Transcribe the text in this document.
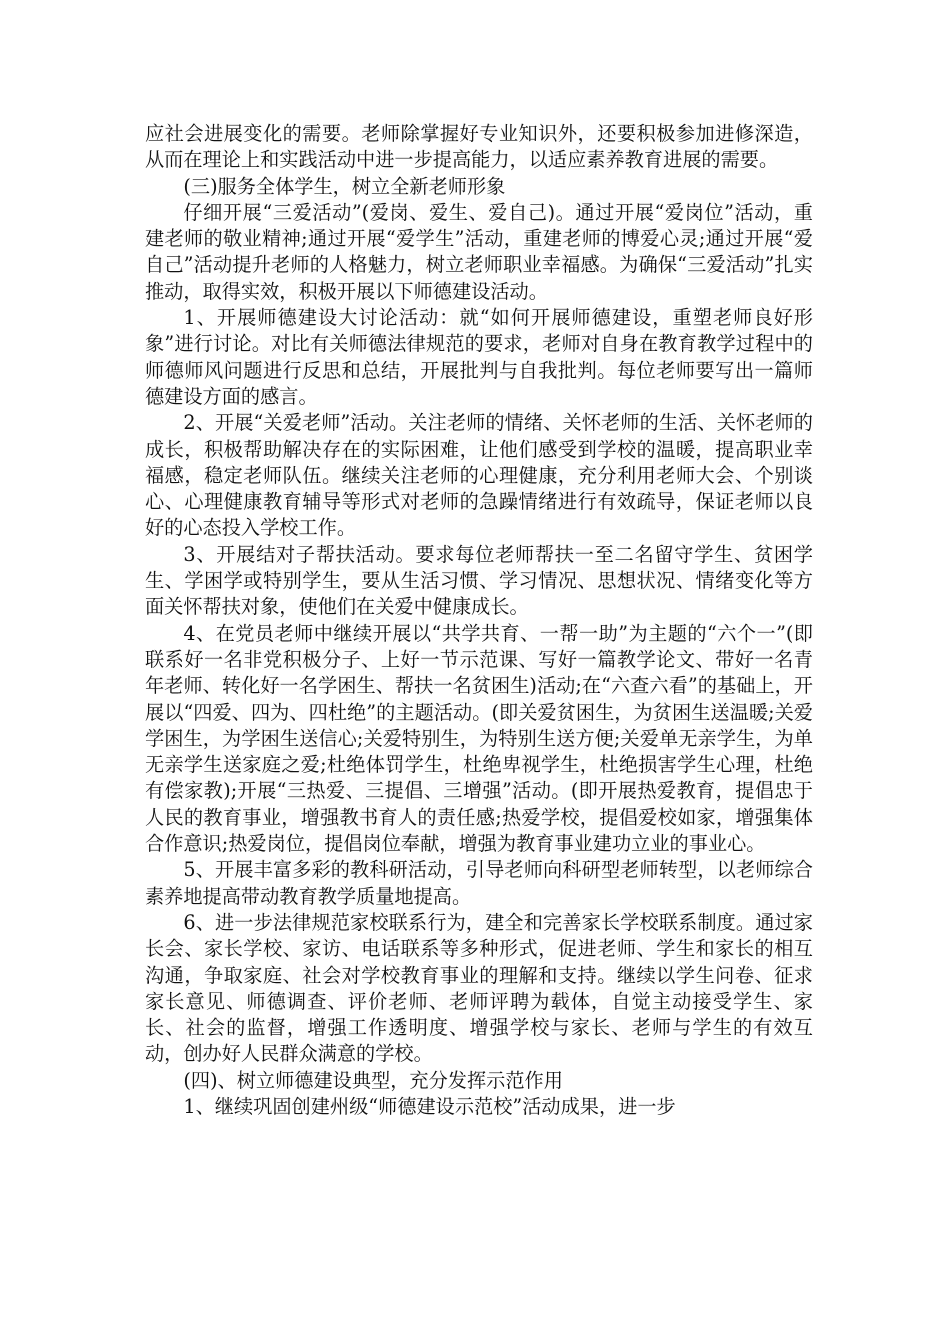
应社会进展变化的需要。老师除掌握好专业知识外，还要积极参加进修深造，从而在理论上和实践活动中进一步提高能力，以适应素养教育进展的需要。

(三)服务全体学生，树立全新老师形象

仔细开展“三爱活动”(爱岗、爱生、爱自己)。通过开展“爱岗位”活动，重建老师的敬业精神;通过开展“爱学生”活动，重建老师的博爱心灵;通过开展“爱自己”活动提升老师的人格魅力，树立老师职业幸福感。为确保“三爱活动”扎实推动，取得实效，积极开展以下师德建设活动。

1、开展师德建设大讨论活动：就“如何开展师德建设，重塑老师良好形象”进行讨论。对比有关师德法律规范的要求，老师对自身在教育教学过程中的师德师风问题进行反思和总结，开展批判与自我批判。每位老师要写出一篇师德建设方面的感言。

2、开展“关爱老师”活动。关注老师的情绪、关怀老师的生活、关怀老师的成长，积极帮助解决存在的实际困难，让他们感受到学校的温暖，提高职业幸福感，稳定老师队伍。继续关注老师的心理健康，充分利用老师大会、个别谈心、心理健康教育辅导等形式对老师的急躁情绪进行有效疏导，保证老师以良好的心态投入学校工作。

3、开展结对子帮扶活动。要求每位老师帮扶一至二名留守学生、贫困学生、学困学或特别学生，要从生活习惯、学习情况、思想状况、情绪变化等方面关怀帮扶对象，使他们在关爱中健康成长。

4、在党员老师中继续开展以“共学共育、一帮一助”为主题的“六个一”(即联系好一名非党积极分子、上好一节示范课、写好一篇教学论文、带好一名青年老师、转化好一名学困生、帮扶一名贫困生)活动;在“六查六看”的基础上，开展以“四爱、四为、四杜绝”的主题活动。(即关爱贫困生，为贫困生送温暖;关爱学困生，为学困生送信心;关爱特别生，为特别生送方便;关爱单无亲学生，为单无亲学生送家庭之爱;杜绝体罚学生，杜绝卑视学生，杜绝损害学生心理，杜绝有偿家教);开展“三热爱、三提倡、三增强”活动。(即开展热爱教育，提倡忠于人民的教育事业，增强教书育人的责任感;热爱学校，提倡爱校如家，增强集体合作意识;热爱岗位，提倡岗位奉献，增强为教育事业建功立业的事业心。

5、开展丰富多彩的教科研活动，引导老师向科研型老师转型，以老师综合素养地提高带动教育教学质量地提高。

6、进一步法律规范家校联系行为，建全和完善家长学校联系制度。通过家长会、家长学校、家访、电话联系等多种形式，促进老师、学生和家长的相互沟通，争取家庭、社会对学校教育事业的理解和支持。继续以学生问卷、征求家长意见、师德调查、评价老师、老师评聘为载体，自觉主动接受学生、家长、社会的监督，增强工作透明度、增强学校与家长、老师与学生的有效互动，创办好人民群众满意的学校。

(四)、树立师德建设典型，充分发挥示范作用

1、继续巩固创建州级“师德建设示范校”活动成果，进一步
